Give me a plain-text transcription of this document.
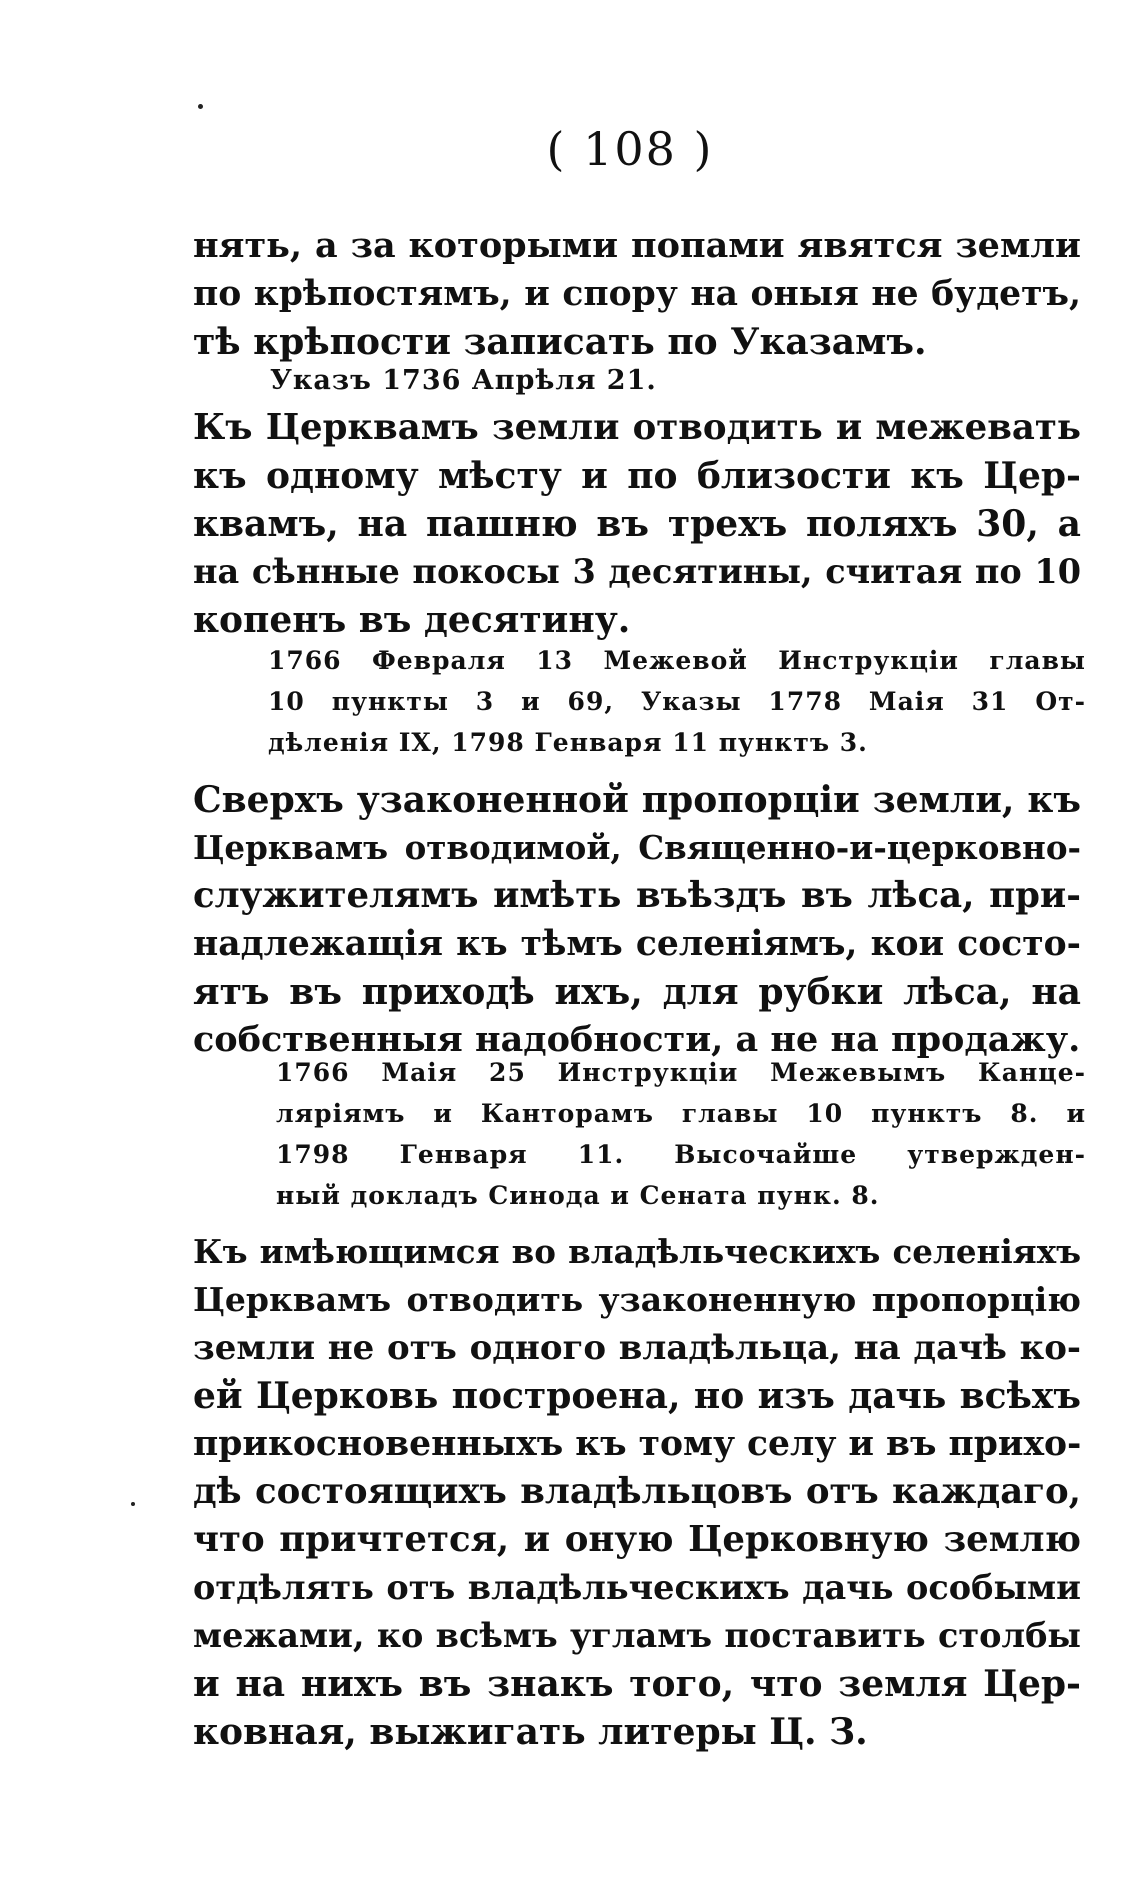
( 108 )
нять, а за которыми попами явятся земли
по крѣпостямъ, и спору на оныя не будетъ,
тѣ крѣпости записать по Указамъ.
Указъ 1736 Апрѣля 21.
Къ Церквамъ земли отводить и межевать
къ одному мѣсту и по близости къ Цер-
квамъ, на пашню въ трехъ поляхъ 30, а
на сѣнные покосы 3 десятины, считая по 10
копенъ въ десятину.
1766 Февраля 13 Межевой Инструкціи главы
10 пункты 3 и 69, Указы 1778 Маія 31 От-
дѣленія IX, 1798 Генваря 11 пунктъ 3.
Сверхъ узаконенной пропорціи земли, къ
Церквамъ отводимой, Священно-и-церковно-
служителямъ имѣть въѣздъ въ лѣса, при-
надлежащія къ тѣмъ селеніямъ, кои состо-
ятъ въ приходѣ ихъ, для рубки лѣса, на
собственныя надобности, а не на продажу.
1766 Маія 25 Инструкціи Межевымъ Канце-
ляріямъ и Канторамъ главы 10 пунктъ 8. и
1798 Генваря 11. Высочайше утвержден-
ный докладъ Синода и Сената пунк. 8.
Къ имѣющимся во владѣльческихъ селеніяхъ
Церквамъ отводить узаконенную пропорцію
земли не отъ одного владѣльца, на дачѣ ко-
ей Церковь построена, но изъ дачь всѣхъ
прикосновенныхъ къ тому селу и въ прихо-
дѣ состоящихъ владѣльцовъ отъ каждаго,
что причтется, и оную Церковную землю
отдѣлять отъ владѣльческихъ дачь особыми
межами, ко всѣмъ угламъ поставить столбы
и на нихъ въ знакъ того, что земля Цер-
ковная, выжигать литеры Ц. З.
